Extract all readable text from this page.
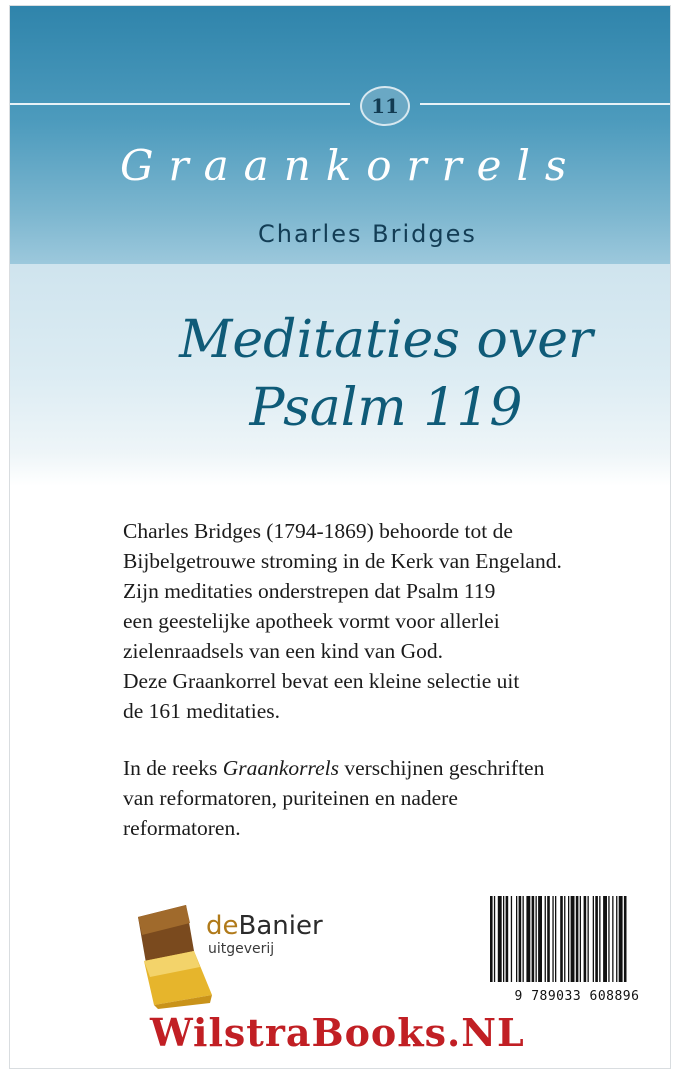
11
Graankorrels
Charles Bridges
Meditaties over
Psalm 119

Charles Bridges (1794-1869) behoorde tot de
Bijbelgetrouwe stroming in de Kerk van Engeland.
Zijn meditaties onderstrepen dat Psalm 119
een geestelijke apotheek vormt voor allerlei
zielenraadsels van een kind van God.
Deze Graankorrel bevat een kleine selectie uit
de 161 meditaties.

In de reeks Graankorrels verschijnen geschriften
van reformatoren, puriteinen en nadere
reformatoren.

deBanier
uitgeverij
9 789033 608896
WilstraBooks.NL
